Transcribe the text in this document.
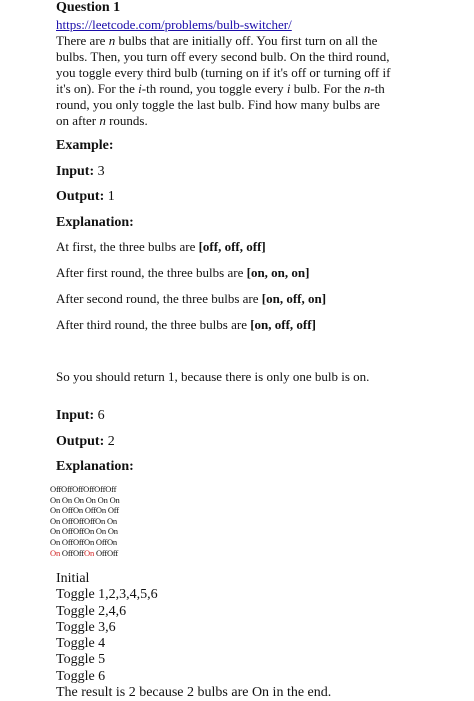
Question 1
https://leetcode.com/problems/bulb-switcher/
There are n bulbs that are initially off. You first turn on all the
bulbs. Then, you turn off every second bulb. On the third round,
you toggle every third bulb (turning on if it's off or turning off if
it's on). For the i-th round, you toggle every i bulb. For the n-th
round, you only toggle the last bulb. Find how many bulbs are
on after n rounds.
Example:
Input: 3
Output: 1
Explanation:
At first, the three bulbs are [off, off, off]
After first round, the three bulbs are [on, on, on]
After second round, the three bulbs are [on, off, on]
After third round, the three bulbs are [on, off, off]
So you should return 1, because there is only one bulb is on.
Input: 6
Output: 2
Explanation:
OffOffOffOffOffOff
On On On On On On
On OffOn OffOn Off
On OffOffOffOn On
On OffOffOn On On
On OffOffOn OffOn
On OffOffOn OffOff
Initial
Toggle 1,2,3,4,5,6
Toggle 2,4,6
Toggle 3,6
Toggle 4
Toggle 5
Toggle 6
The result is 2 because 2 bulbs are On in the end.
